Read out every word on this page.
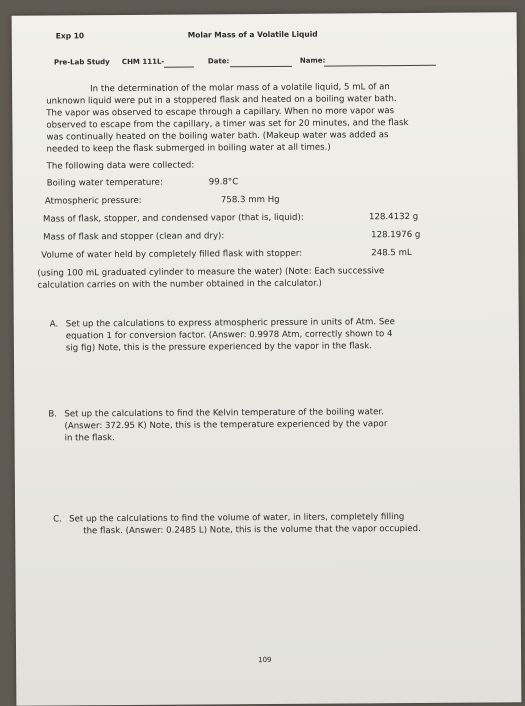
Exp 10	Molar Mass of a Volatile Liquid
Pre-Lab Study CHM 111L-	Date:	Name:
In the determination of the molar mass of a volatile liquid, 5 mL of an
unknown liquid were put in a stoppered flask and heated on a boiling water bath.
The vapor was observed to escape through a capillary. When no more vapor was
observed to escape from the capillary, a timer was set for 20 minutes, and the flask
was continually heated on the boiling water bath. (Makeup water was added as
needed to keep the flask submerged in boiling water at all times.)
The following data were collected:
Boiling water temperature:	99.8°C
Atmospheric pressure:	758.3 mm Hg
Mass of flask, stopper, and condensed vapor (that is, liquid):	128.4132 g
Mass of flask and stopper (clean and dry):	128.1976 g
Volume of water held by completely filled flask with stopper:	248.5 mL
(using 100 mL graduated cylinder to measure the water) (Note: Each successive
calculation carries on with the number obtained in the calculator.)
A. Set up the calculations to express atmospheric pressure in units of Atm. See
equation 1 for conversion factor. (Answer: 0.9978 Atm, correctly shown to 4
sig fig) Note, this is the pressure experienced by the vapor in the flask.
B. Set up the calculations to find the Kelvin temperature of the boiling water.
(Answer: 372.95 K) Note, this is the temperature experienced by the vapor
in the flask.
C. Set up the calculations to find the volume of water, in liters, completely filling
the flask. (Answer: 0.2485 L) Note, this is the volume that the vapor occupied.
109
